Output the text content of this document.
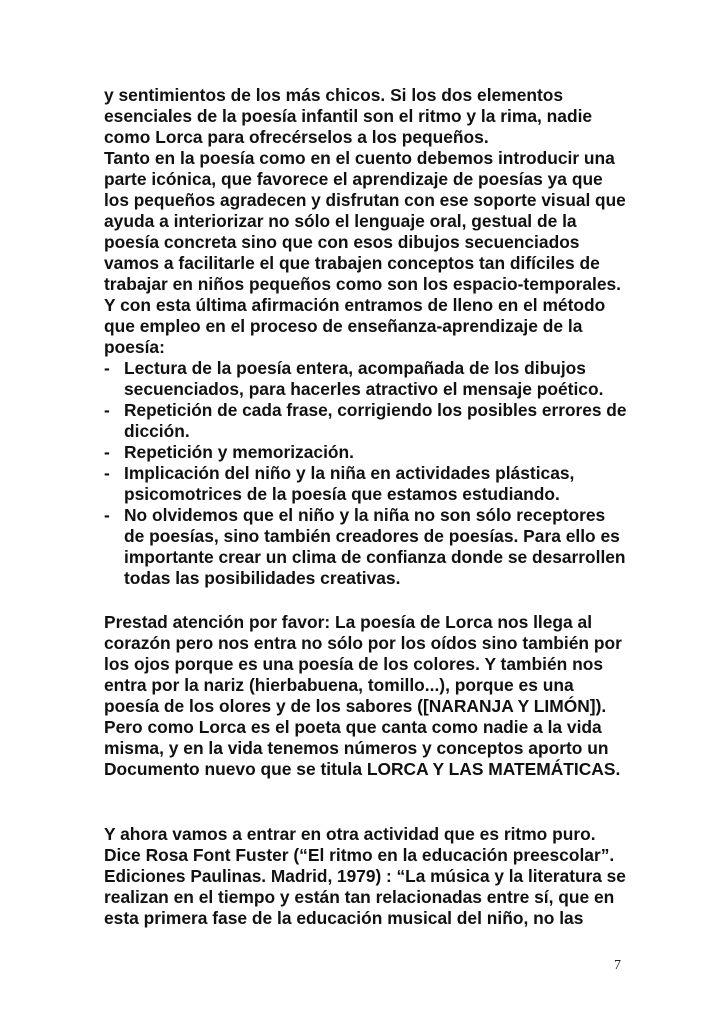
y sentimientos de los más chicos. Si los dos elementos

esenciales de la poesía infantil son el ritmo y la rima, nadie

como Lorca para ofrecérselos a los pequeños.

Tanto en la poesía como en el cuento debemos introducir una

parte icónica, que favorece el aprendizaje de poesías ya que

los pequeños agradecen y disfrutan con ese soporte visual que

ayuda a interiorizar no sólo el lenguaje oral, gestual de la

poesía concreta sino que con esos dibujos secuenciados

vamos a facilitarle el que trabajen conceptos tan difíciles de

trabajar en niños pequeños como son los espacio-temporales.

Y con esta última afirmación entramos de lleno en el método

que empleo en el proceso de enseñanza-aprendizaje de la

poesía:

- Lectura de la poesía entera, acompañada de los dibujos
secuenciados, para hacerles atractivo el mensaje poético.
- Repetición de cada frase, corrigiendo los posibles errores de
dicción.
- Repetición y memorización.
- Implicación del niño y la niña en actividades plásticas,
psicomotrices de la poesía que estamos estudiando.
- No olvidemos que el niño y la niña no son sólo receptores
de poesías, sino también creadores de poesías. Para ello es
importante crear un clima de confianza donde se desarrollen
todas las posibilidades creativas.

Prestad atención por favor: La poesía de Lorca nos llega al

corazón pero nos entra no sólo por los oídos sino también por

los ojos porque es una poesía de los colores. Y también nos

entra por la nariz (hierbabuena, tomillo...), porque es una

poesía de los olores y de los sabores ([NARANJA Y LIMÓN]).

Pero como Lorca es el poeta que canta como nadie a la vida

misma, y en la vida tenemos números y conceptos aporto un

Documento nuevo que se titula LORCA Y LAS MATEMÁTICAS.

Y ahora vamos a entrar en otra actividad que es ritmo puro.

Dice Rosa Font Fuster (“El ritmo en la educación preescolar”.

Ediciones Paulinas. Madrid, 1979) : “La música y la literatura se

realizan en el tiempo y están tan relacionadas entre sí, que en

esta primera fase de la educación musical del niño, no las

7
